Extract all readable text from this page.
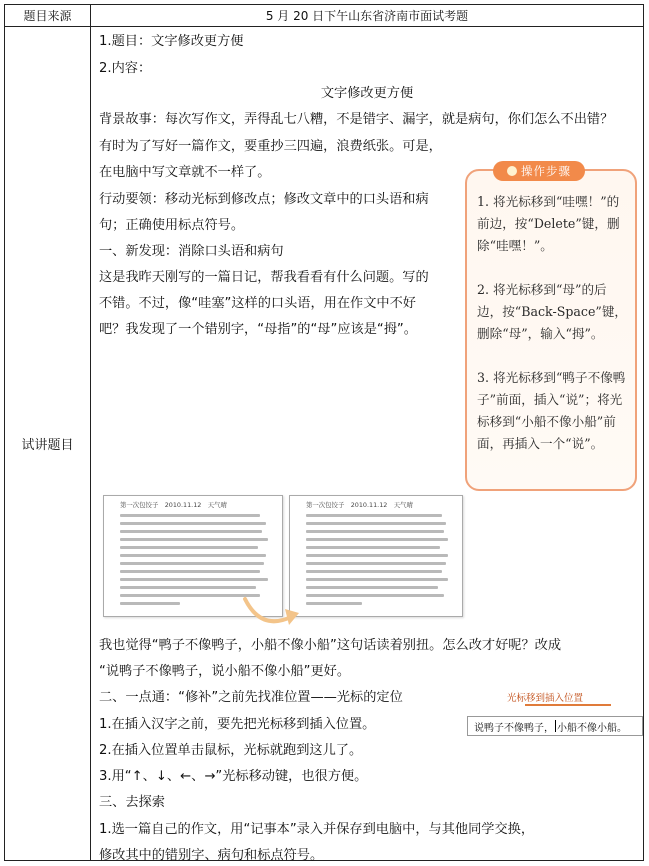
题目来源	5 月 20 日下午山东省济南市面试考题
试讲题目
1.题目：文字修改更方便
2.内容：
文字修改更方便
背景故事：每次写作文，弄得乱七八糟，不是错字、漏字，就是病句，你们怎么不出错？
有时为了写好一篇作文，要重抄三四遍，浪费纸张。可是，
在电脑中写文章就不一样了。
行动要领：移动光标到修改点；修改文章中的口头语和病
句；正确使用标点符号。
一、新发现：消除口头语和病句
这是我昨天刚写的一篇日记，帮我看看有什么问题。写的
不错。不过，像“哇塞”这样的口头语，用在作文中不好
吧？我发现了一个错别字，“母指”的“母”应该是“拇”。
操作步骤
1. 将光标移到“哇嘿！”的前边，按“Delete”键，删除“哇嘿！”。
2. 将光标移到“母”的后边，按“Back-Space”键，删除“母”，输入“拇”。
3. 将光标移到“鸭子不像鸭子”前面，插入“说”；将光标移到“小船不像小船”前面，再插入一个“说”。
第一次包饺子　2010.11.12　天气晴	第一次包饺子　2010.11.12　天气晴
我也觉得“鸭子不像鸭子，小船不像小船”这句话读着别扭。怎么改才好呢？改成
“说鸭子不像鸭子，说小船不像小船”更好。
二、一点通：“修补”之前先找准位置——光标的定位
1.在插入汉字之前，要先把光标移到插入位置。
2.在插入位置单击鼠标，光标就跑到这儿了。
3.用“↑、↓、←、→”光标移动键，也很方便。
光标移到插入位置
说鸭子不像鸭子， 小船不像小船。
三、去探索
1.选一篇自己的作文，用“记事本”录入并保存到电脑中，与其他同学交换，
修改其中的错别字、病句和标点符号。
